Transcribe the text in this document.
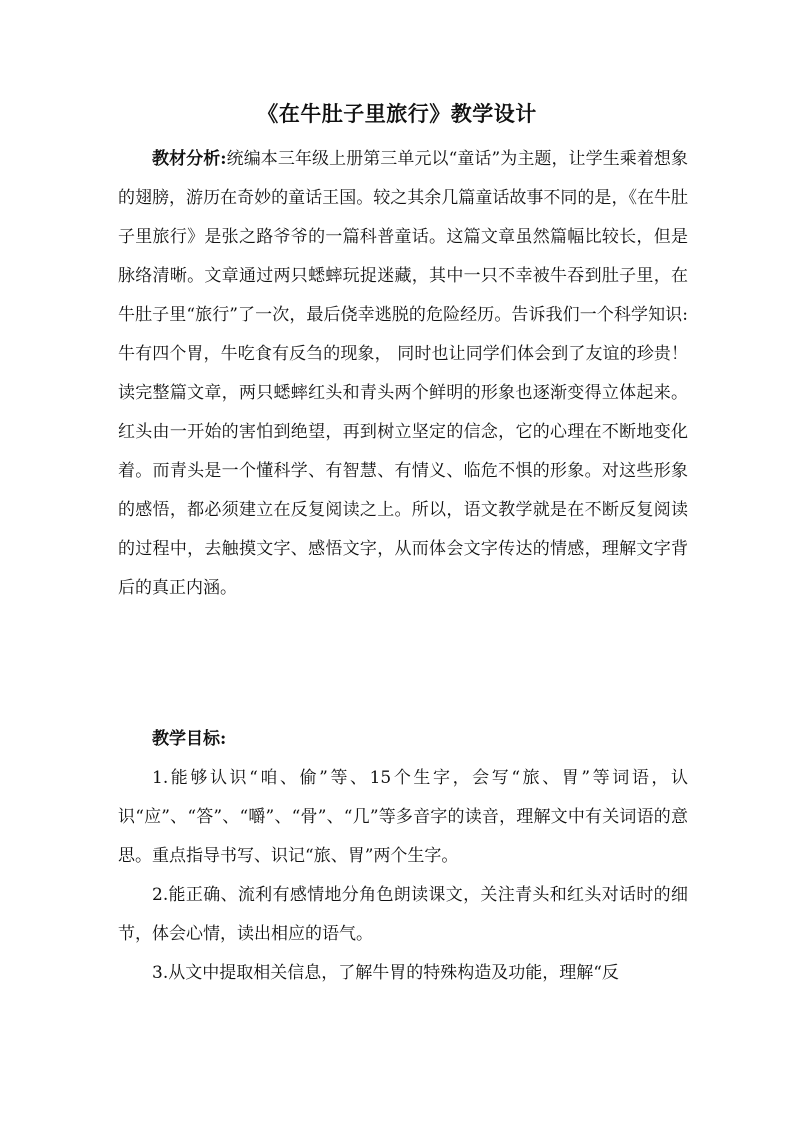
《在牛肚子里旅行》教学设计

教材分析:统编本三年级上册第三单元以“童话”为主题，让学生乘着想象的翅膀，游历在奇妙的童话王国。较之其余几篇童话故事不同的是，《在牛肚子里旅行》是张之路爷爷的一篇科普童话。这篇文章虽然篇幅比较长，但是脉络清晰。文章通过两只蟋蟀玩捉迷藏，其中一只不幸被牛吞到肚子里，在牛肚子里“旅行”了一次，最后侥幸逃脱的危险经历。告诉我们一个科学知识:牛有四个胃，牛吃食有反刍的现象， 同时也让同学们体会到了友谊的珍贵！读完整篇文章，两只蟋蟀红头和青头两个鲜明的形象也逐渐变得立体起来。红头由一开始的害怕到绝望，再到树立坚定的信念，它的心理在不断地变化着。而青头是一个懂科学、有智慧、有情义、临危不惧的形象。对这些形象的感悟，都必须建立在反复阅读之上。所以，语文教学就是在不断反复阅读的过程中，去触摸文字、感悟文字，从而体会文字传达的情感，理解文字背后的真正内涵。

教学目标:

1.能够认识“咱、偷”等、15个生字，会写“旅、胃”等词语，认识“应”、“答”、“嚼”、“骨”、“几”等多音字的读音，理解文中有关词语的意思。重点指导书写、识记“旅、胃”两个生字。

2.能正确、流利有感情地分角色朗读课文，关注青头和红头对话时的细节，体会心情，读出相应的语气。

3.从文中提取相关信息，了解牛胃的特殊构造及功能，理解“反
